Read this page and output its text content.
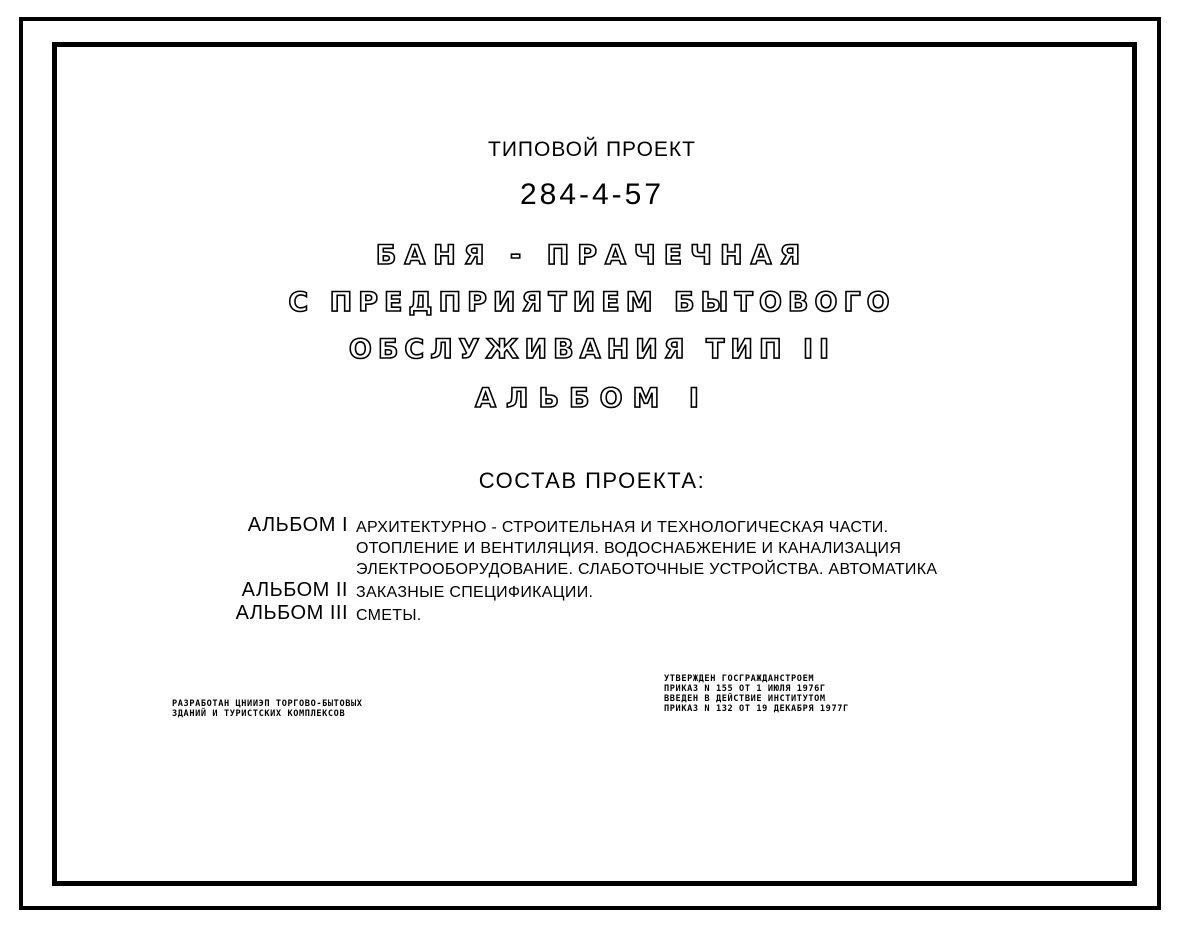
ТИПОВОЙ ПРОЕКТ
284-4-57
БАНЯ - ПРАЧЕЧНАЯ
С ПРЕДПРИЯТИЕМ БЫТОВОГО
ОБСЛУЖИВАНИЯ ТИП II
АЛЬБОМ I
СОСТАВ ПРОЕКТА:
АЛЬБОМ I АРХИТЕКТУРНО - СТРОИТЕЛЬНАЯ И ТЕХНОЛОГИЧЕСКАЯ ЧАСТИ.
ОТОПЛЕНИЕ И ВЕНТИЛЯЦИЯ. ВОДОСНАБЖЕНИЕ И КАНАЛИЗАЦИЯ
ЭЛЕКТРООБОРУДОВАНИЕ. СЛАБОТОЧНЫЕ УСТРОЙСТВА. АВТОМАТИКА
АЛЬБОМ II ЗАКАЗНЫЕ СПЕЦИФИКАЦИИ.
АЛЬБОМ III СМЕТЫ.
РАЗРАБОТАН ЦНИИЭП ТОРГОВО-БЫТОВЫХ
ЗДАНИЙ И ТУРИСТСКИХ КОМПЛЕКСОВ
УТВЕРЖДЕН ГОСГРАЖДАНСТРОЕМ
ПРИКАЗ N 155 ОТ 1 ИЮЛЯ 1976Г
ВВЕДЕН В ДЕЙСТВИЕ ИНСТИТУТОМ
ПРИКАЗ N 132 ОТ 19 ДЕКАБРЯ 1977Г
